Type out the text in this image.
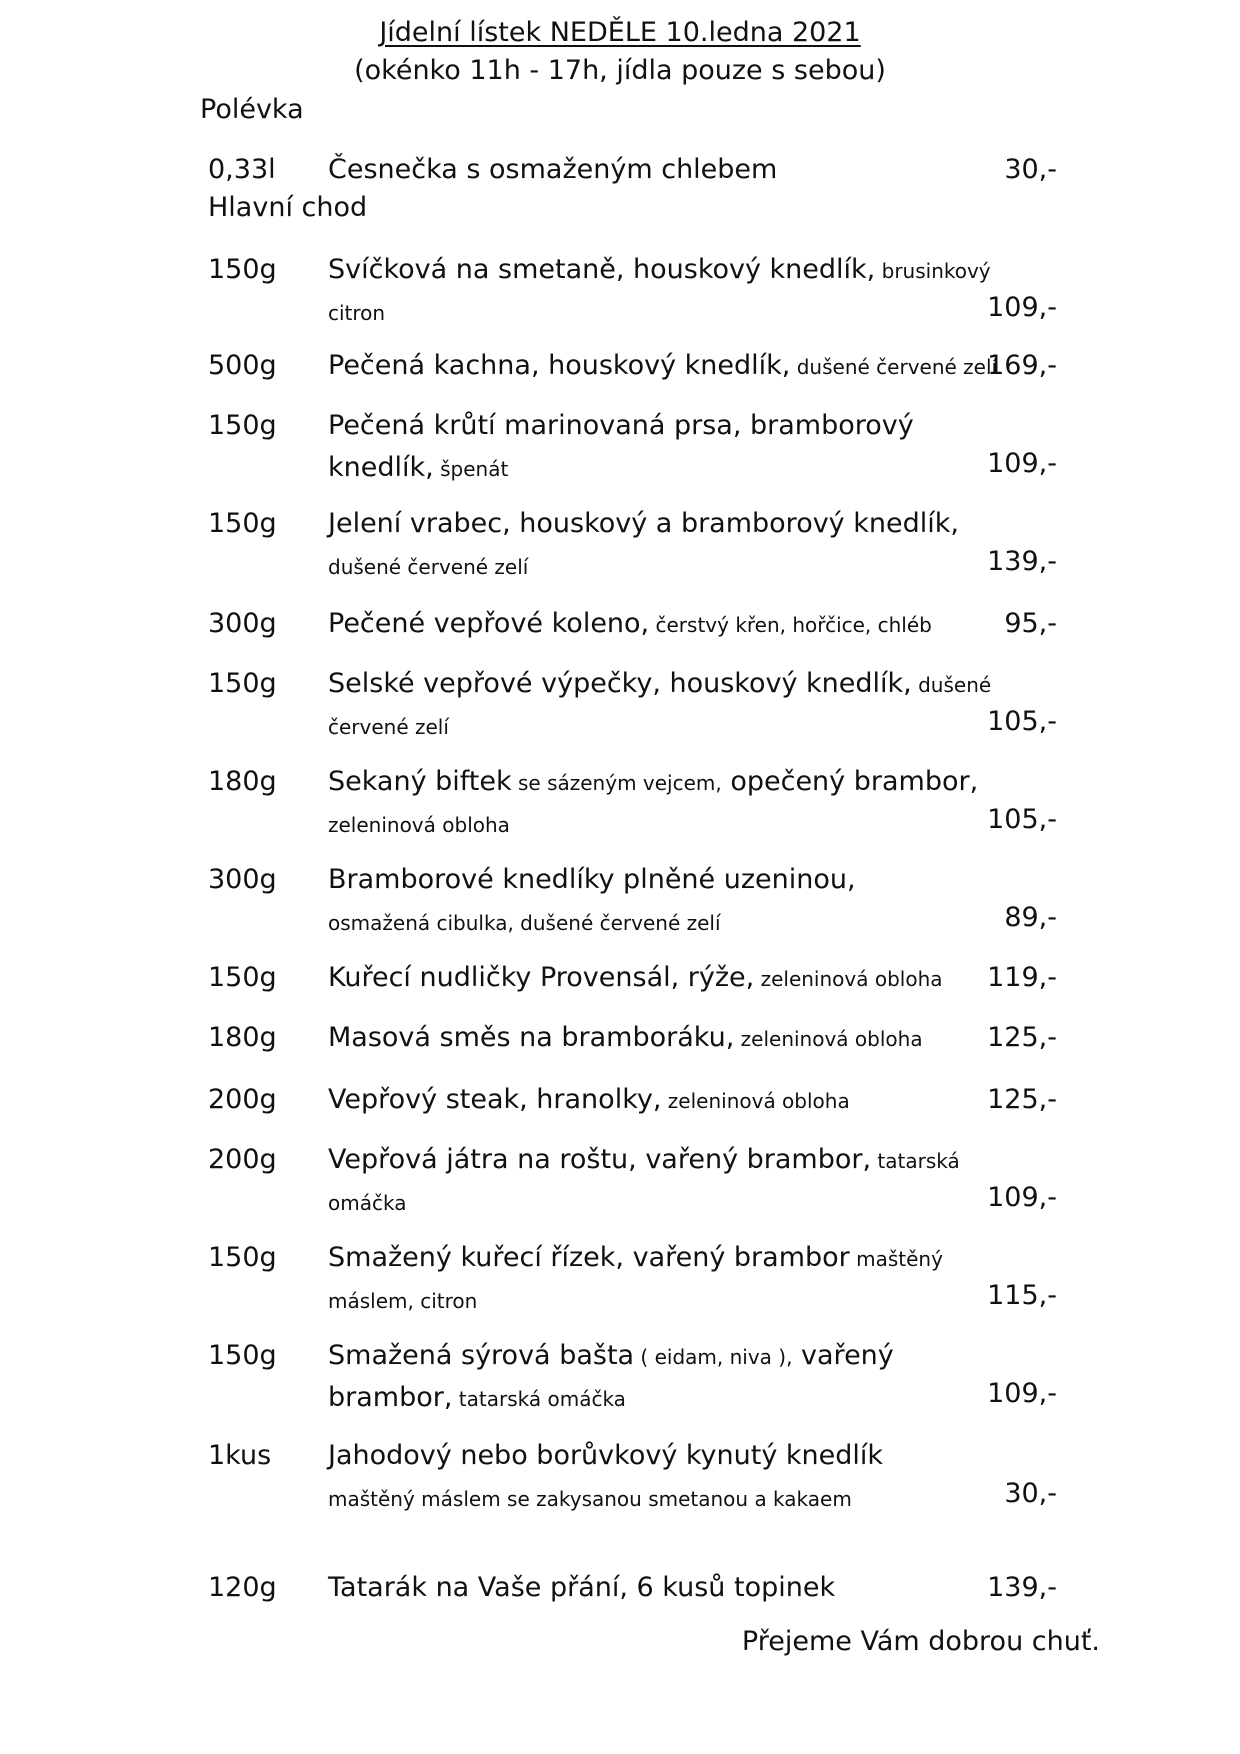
Jídelní lístek NEDĚLE 10.ledna 2021
(okénko 11h - 17h, jídla pouze s sebou)
Polévka
0,33l Česnečka s osmaženým chlebem	30,-
Hlavní chod
150g Svíčková na smetaně, houskový knedlík, brusinkový
citron	109,-
500g Pečená kachna, houskový knedlík, dušené červené zelí
169,-
150g Pečená krůtí marinovaná prsa, bramborový
knedlík, špenát	109,-
150g Jelení vrabec, houskový a bramborový knedlík,
dušené červené zelí	139,-
300g Pečené vepřové koleno, čerstvý křen, hořčice, chléb	95,-
150g Selské vepřové výpečky, houskový knedlík, dušené
červené zelí	105,-
180g Sekaný biftek se sázeným vejcem, opečený brambor,
zeleninová obloha	105,-
300g Bramborové knedlíky plněné uzeninou,
osmažená cibulka, dušené červené zelí	89,-
150g Kuřecí nudličky Provensál, rýže, zeleninová obloha 119,-
180g Masová směs na bramboráku, zeleninová obloha 125,-
200g Vepřový steak, hranolky, zeleninová obloha	125,-
200g Vepřová játra na roštu, vařený brambor, tatarská
omáčka	109,-
150g Smažený kuřecí řízek, vařený brambor maštěný
máslem, citron	115,-
150g Smažená sýrová bašta ( eidam, niva ), vařený
brambor, tatarská omáčka	109,-
1kus Jahodový nebo borůvkový kynutý knedlík
maštěný máslem se zakysanou smetanou a kakaem	30,-
120g Tatarák na Vaše přání, 6 kusů topinek	139,-
Přejeme Vám dobrou chuť.
